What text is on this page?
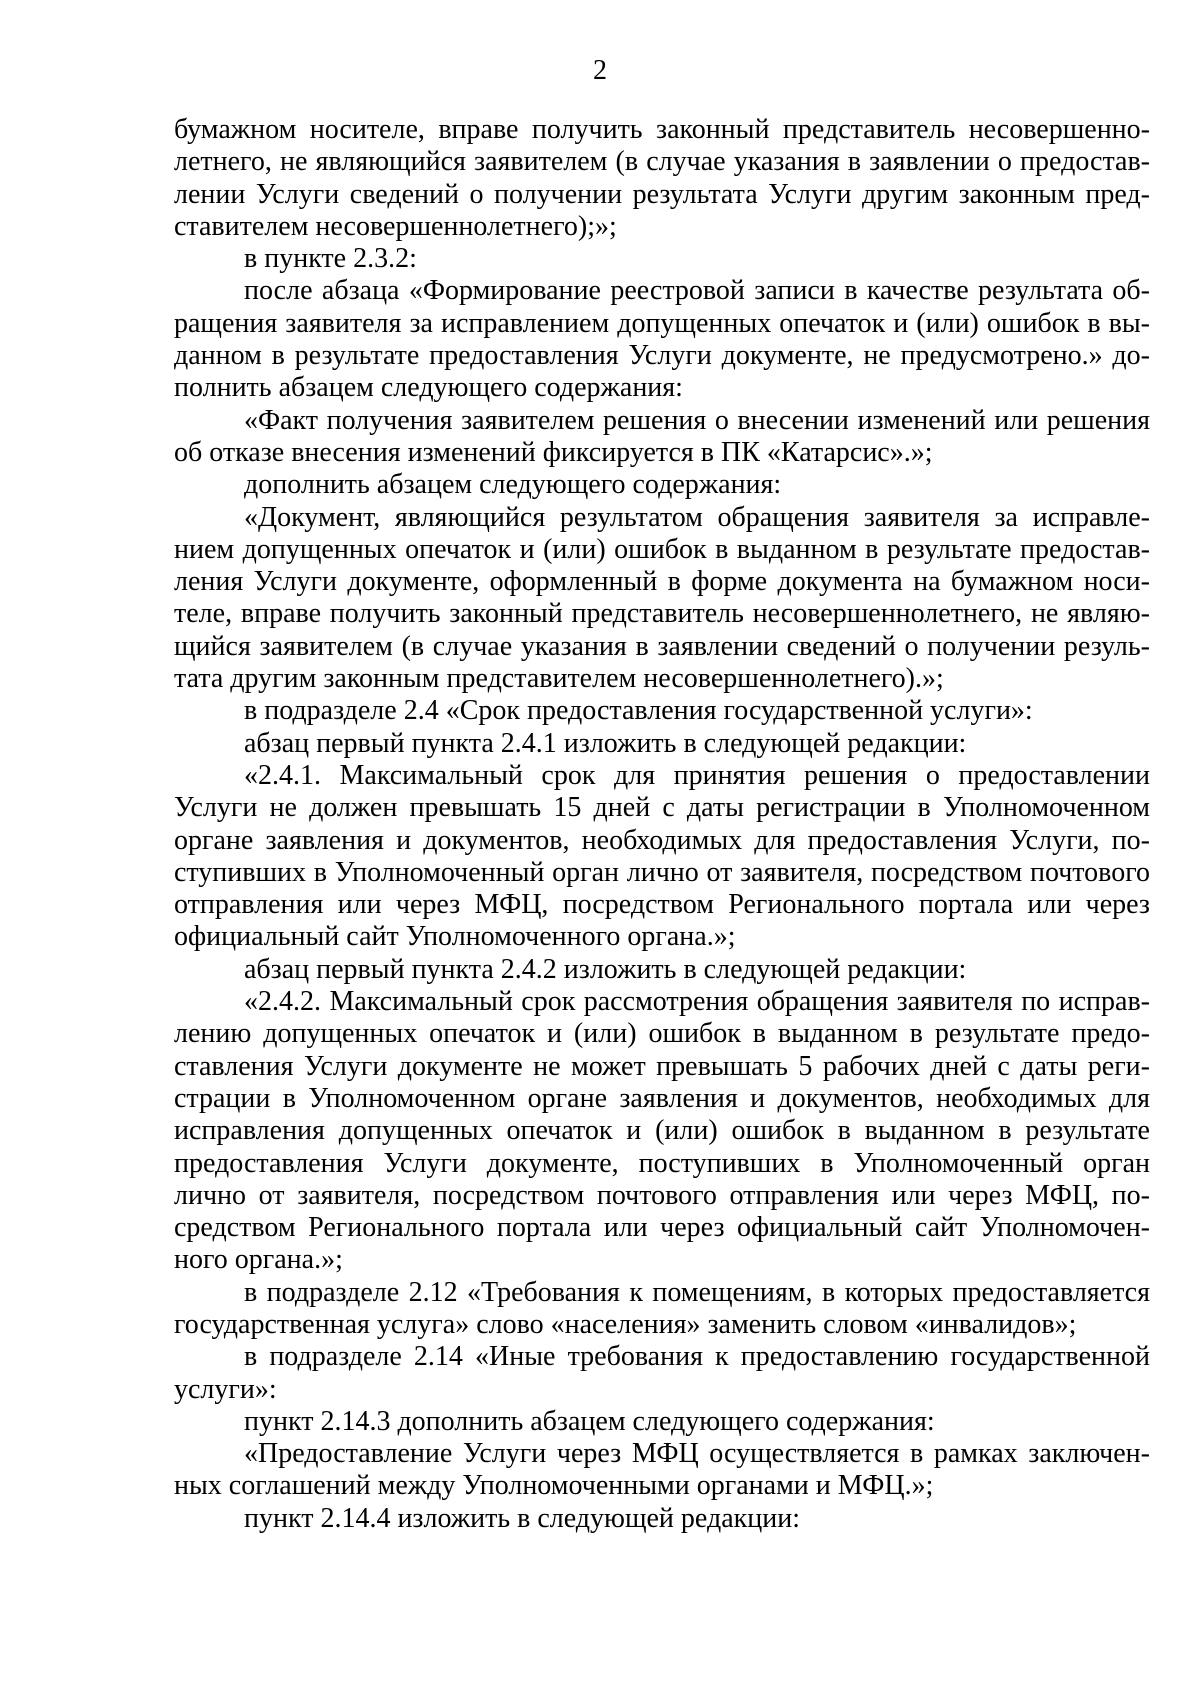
2
бумажном носителе, вправе получить законный представитель несовершенно-
летнего, не являющийся заявителем (в случае указания в заявлении о предостав-
лении Услуги сведений о получении результата Услуги другим законным пред-
ставителем несовершеннолетнего);»;
в пункте 2.3.2:
после абзаца «Формирование реестровой записи в качестве результата об-
ращения заявителя за исправлением допущенных опечаток и (или) ошибок в вы-
данном в результате предоставления Услуги документе, не предусмотрено.» до-
полнить абзацем следующего содержания:
«Факт получения заявителем решения о внесении изменений или решения
об отказе внесения изменений фиксируется в ПК «Катарсис».»;
дополнить абзацем следующего содержания:
«Документ, являющийся результатом обращения заявителя за исправле-
нием допущенных опечаток и (или) ошибок в выданном в результате предостав-
ления Услуги документе, оформленный в форме документа на бумажном носи-
теле, вправе получить законный представитель несовершеннолетнего, не являю-
щийся заявителем (в случае указания в заявлении сведений о получении резуль-
тата другим законным представителем несовершеннолетнего).»;
в подразделе 2.4 «Срок предоставления государственной услуги»:
абзац первый пункта 2.4.1 изложить в следующей редакции:
«2.4.1. Максимальный срок для принятия решения о предоставлении
Услуги не должен превышать 15 дней с даты регистрации в Уполномоченном
органе заявления и документов, необходимых для предоставления Услуги, по-
ступивших в Уполномоченный орган лично от заявителя, посредством почтового
отправления или через МФЦ, посредством Регионального портала или через
официальный сайт Уполномоченного органа.»;
абзац первый пункта 2.4.2 изложить в следующей редакции:
«2.4.2. Максимальный срок рассмотрения обращения заявителя по исправ-
лению допущенных опечаток и (или) ошибок в выданном в результате предо-
ставления Услуги документе не может превышать 5 рабочих дней с даты реги-
страции в Уполномоченном органе заявления и документов, необходимых для
исправления допущенных опечаток и (или) ошибок в выданном в результате
предоставления Услуги документе, поступивших в Уполномоченный орган
лично от заявителя, посредством почтового отправления или через МФЦ, по-
средством Регионального портала или через официальный сайт Уполномочен-
ного органа.»;
в подразделе 2.12 «Требования к помещениям, в которых предоставляется
государственная услуга» слово «населения» заменить словом «инвалидов»;
в подразделе 2.14 «Иные требования к предоставлению государственной
услуги»:
пункт 2.14.3 дополнить абзацем следующего содержания:
«Предоставление Услуги через МФЦ осуществляется в рамках заключен-
ных соглашений между Уполномоченными органами и МФЦ.»;
пункт 2.14.4 изложить в следующей редакции:
